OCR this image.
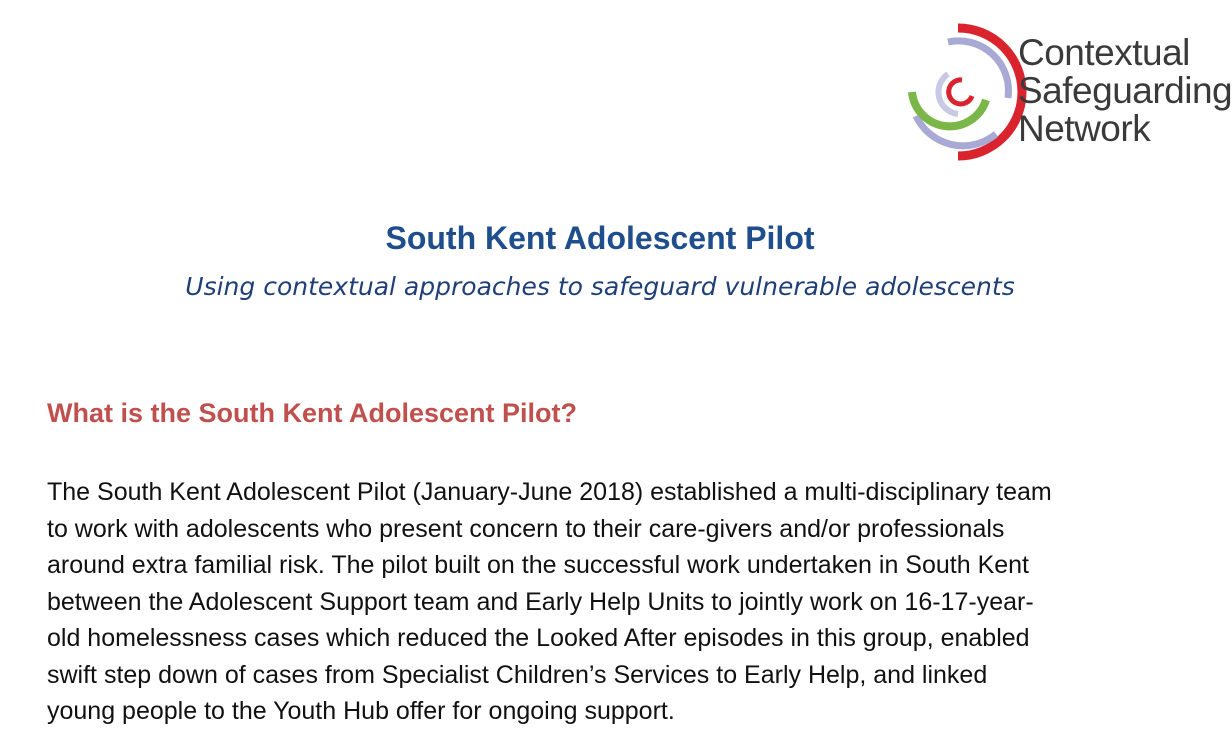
Contextual
Safeguarding
Network
South Kent Adolescent Pilot
Using contextual approaches to safeguard vulnerable adolescents
What is the South Kent Adolescent Pilot?
The South Kent Adolescent Pilot (January-June 2018) established a multi-disciplinary team
to work with adolescents who present concern to their care-givers and/or professionals
around extra familial risk. The pilot built on the successful work undertaken in South Kent
between the Adolescent Support team and Early Help Units to jointly work on 16-17-year-
old homelessness cases which reduced the Looked After episodes in this group, enabled
swift step down of cases from Specialist Children’s Services to Early Help, and linked
young people to the Youth Hub offer for ongoing support.
